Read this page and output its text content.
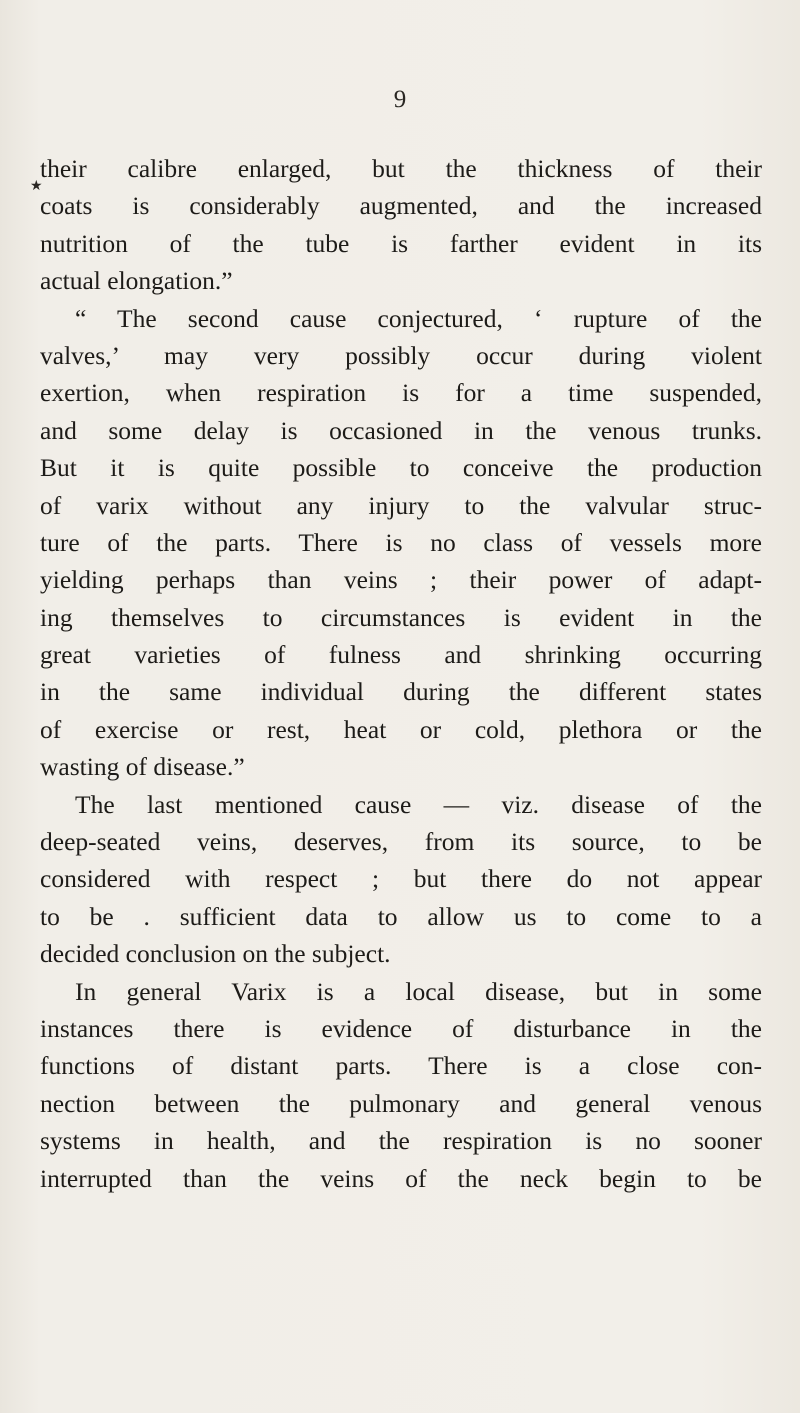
9
★
their calibre enlarged, but the thickness of their
coats is considerably augmented, and the increased
nutrition of the tube is farther evident in its
actual elongation.”
“ The second cause conjectured, ‘ rupture of the
valves,’ may very possibly occur during violent
exertion, when respiration is for a time suspended,
and some delay is occasioned in the venous trunks.
But it is quite possible to conceive the production
of varix without any injury to the valvular struc-
ture of the parts. There is no class of vessels more
yielding perhaps than veins ; their power of adapt-
ing themselves to circumstances is evident in the
great varieties of fulness and shrinking occurring
in the same individual during the different states
of exercise or rest, heat or cold, plethora or the
wasting of disease.”
The last mentioned cause — viz. disease of the
deep-seated veins, deserves, from its source, to be
considered with respect ; but there do not appear
to be . sufficient data to allow us to come to a
decided conclusion on the subject.
In general Varix is a local disease, but in some
instances there is evidence of disturbance in the
functions of distant parts. There is a close con-
nection between the pulmonary and general venous
systems in health, and the respiration is no sooner
interrupted than the veins of the neck begin to be
